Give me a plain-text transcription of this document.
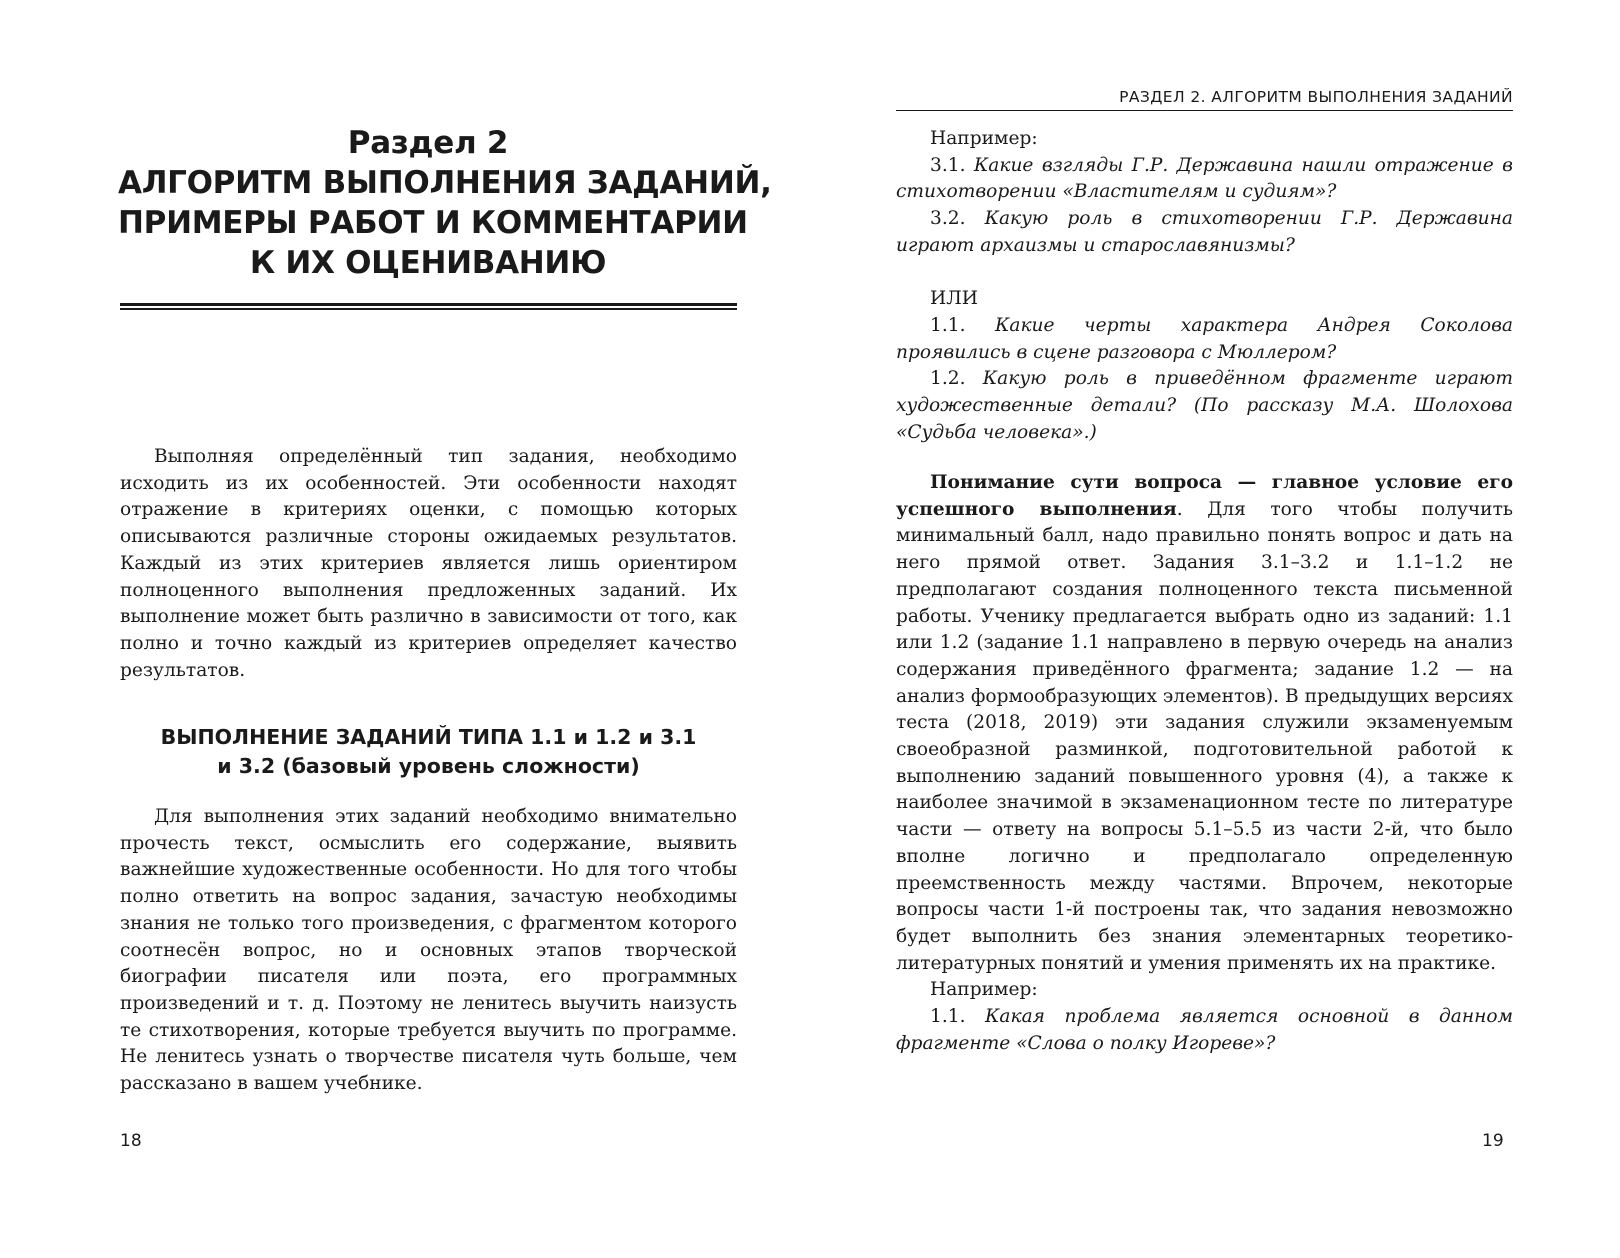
Раздел 2
АЛГОРИТМ ВЫПОЛНЕНИЯ ЗАДАНИЙ,
ПРИМЕРЫ РАБОТ И КОММЕНТАРИИ
К ИХ ОЦЕНИВАНИЮ

Выполняя определённый тип задания, необходимо исходить из их особенностей. Эти особенности находят отражение в критериях оценки, с помощью которых описываются различные стороны ожидаемых результатов. Каждый из этих критериев является лишь ориентиром полноценного выполнения предложенных заданий. Их выполнение может быть различно в зависимости от того, как полно и точно каждый из критериев определяет качество результатов.

ВЫПОЛНЕНИЕ ЗАДАНИЙ ТИПА 1.1 и 1.2 и 3.1
и 3.2 (базовый уровень сложности)

Для выполнения этих заданий необходимо внимательно прочесть текст, осмыслить его содержание, выявить важнейшие художественные особенности. Но для того чтобы полно ответить на вопрос задания, зачастую необходимы знания не только того произведения, с фрагментом которого соотнесён вопрос, но и основных этапов творческой биографии писателя или поэта, его программных произведений и т. д. Поэтому не ленитесь выучить наизусть те стихотворения, которые требуется выучить по программе. Не ленитесь узнать о творчестве писателя чуть больше, чем рассказано в вашем учебнике.

18
РАЗДЕЛ 2. АЛГОРИТМ ВЫПОЛНЕНИЯ ЗАДАНИЙ

Например:

3.1. Какие взгляды Г.Р. Державина нашли отражение в стихотворении «Властителям и судиям»?

3.2. Какую роль в стихотворении Г.Р. Державина играют архаизмы и старославянизмы?

ИЛИ

1.1. Какие черты характера Андрея Соколова проявились в сцене разговора с Мюллером?

1.2. Какую роль в приведённом фрагменте играют художественные детали? (По рассказу М.А. Шолохова «Судьба человека».)

Понимание сути вопроса — главное условие его успешного выполнения. Для того чтобы получить минимальный балл, надо правильно понять вопрос и дать на него прямой ответ. Задания 3.1–3.2 и 1.1–1.2 не предполагают создания полноценного текста письменной работы. Ученику предлагается выбрать одно из заданий: 1.1 или 1.2 (задание 1.1 направлено в первую очередь на анализ содержания приведённого фрагмента; задание 1.2 — на анализ формообразующих элементов). В предыдущих версиях теста (2018, 2019) эти задания служили экзаменуемым своеобразной разминкой, подготовительной работой к выполнению заданий повышенного уровня (4), а также к наиболее значимой в экзаменационном тесте по литературе части — ответу на вопросы 5.1–5.5 из части 2-й, что было вполне логично и предполагало определенную преемственность между частями. Впрочем, некоторые вопросы части 1-й построены так, что задания невозможно будет выполнить без знания элементарных теоретико-литературных понятий и умения применять их на практике.

Например:

1.1. Какая проблема является основной в данном фрагменте «Слова о полку Игореве»?

19
